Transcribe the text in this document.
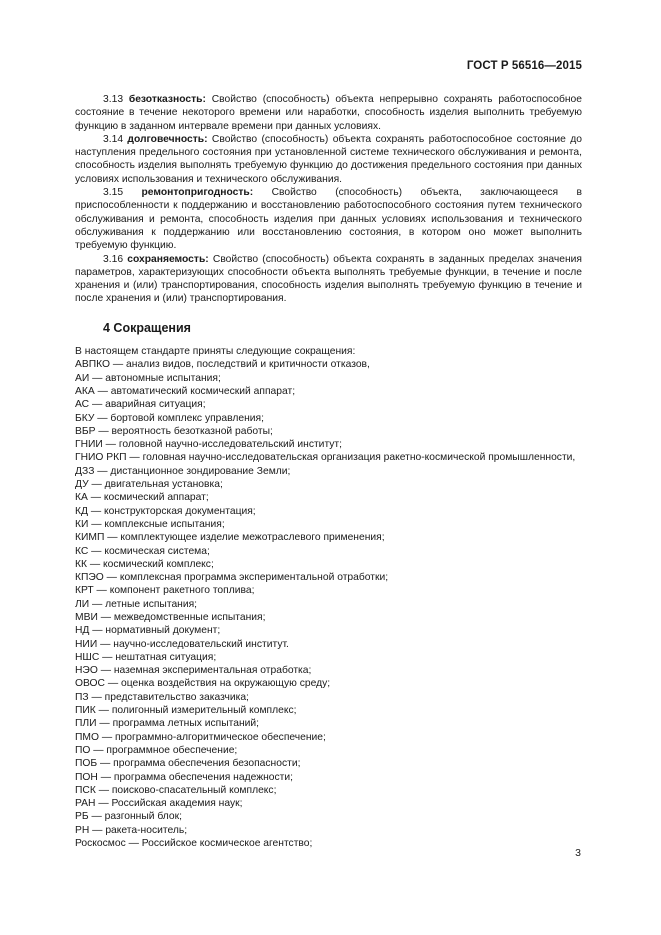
ГОСТ Р 56516—2015

3.13 безотказность: Свойство (способность) объекта непрерывно сохранять работоспособное состояние в течение некоторого времени или наработки, способность изделия выполнить требуемую функцию в заданном интервале времени при данных условиях.

3.14 долговечность: Свойство (способность) объекта сохранять работоспособное состояние до наступления предельного состояния при установленной системе технического обслуживания и ремонта, способность изделия выполнять требуемую функцию до достижения предельного состояния при данных условиях использования и технического обслуживания.

3.15 ремонтопригодность: Свойство (способность) объекта, заключающееся в приспособленности к поддержанию и восстановлению работоспособного состояния путем технического обслуживания и ремонта, способность изделия при данных условиях использования и технического обслуживания к поддержанию или восстановлению состояния, в котором оно может выполнить требуемую функцию.

3.16 сохраняемость: Свойство (способность) объекта сохранять в заданных пределах значения параметров, характеризующих способности объекта выполнять требуемые функции, в течение и после хранения и (или) транспортирования, способность изделия выполнять требуемую функцию в течение и после хранения и (или) транспортирования.

4 Сокращения
В настоящем стандарте приняты следующие сокращения:
АВПКО — анализ видов, последствий и критичности отказов,
АИ — автономные испытания;
АКА — автоматический космический аппарат;
АС — аварийная ситуация;
БКУ — бортовой комплекс управления;
ВБР — вероятность безотказной работы;
ГНИИ — головной научно-исследовательский институт;
ГНИО РКП — головная научно-исследовательская организация ракетно-космической промышленности,
ДЗЗ — дистанционное зондирование Земли;
ДУ — двигательная установка;
КА — космический аппарат;
КД — конструкторская документация;
КИ — комплексные испытания;
КИМП — комплектующее изделие межотраслевого применения;
КС — космическая система;
КК — космический комплекс;
КПЭО — комплексная программа экспериментальной отработки;
КРТ — компонент ракетного топлива;
ЛИ — летные испытания;
МВИ — межведомственные испытания;
НД — нормативный документ;
НИИ — научно-исследовательский институт.
НШС — нештатная ситуация;
НЭО — наземная экспериментальная отработка;
ОВОС — оценка воздействия на окружающую среду;
ПЗ — представительство заказчика;
ПИК — полигонный измерительный комплекс;
ПЛИ — программа летных испытаний;
ПМО — программно-алгоритмическое обеспечение;
ПО — программное обеспечение;
ПОБ — программа обеспечения безопасности;
ПОН — программа обеспечения надежности;
ПСК — поисково-спасательный комплекс;
РАН — Российская академия наук;
РБ — разгонный блок;
РН — ракета-носитель;
Роскосмос — Российское космическое агентство;
3
